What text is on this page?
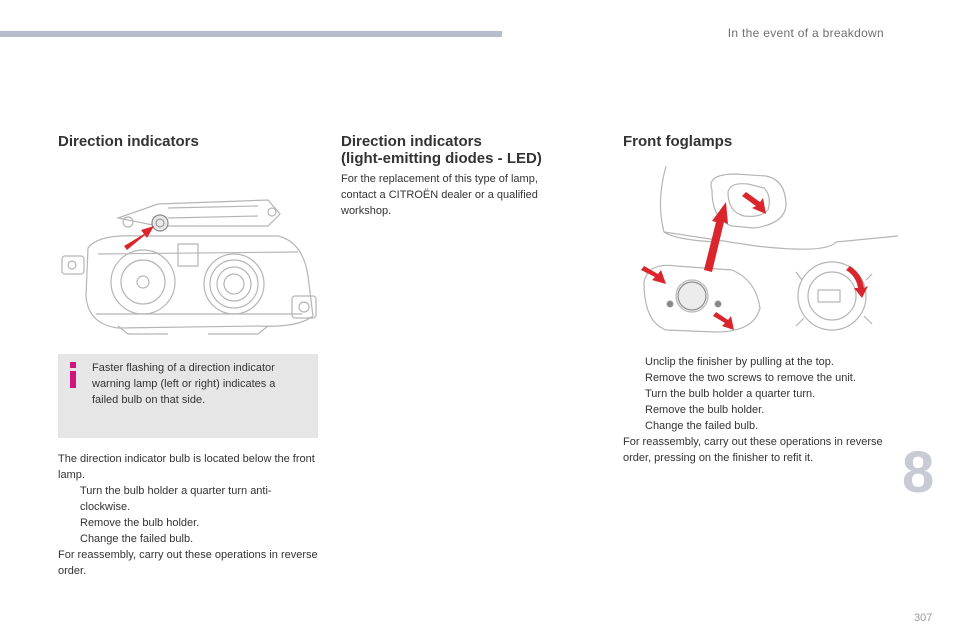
In the event of a breakdown
Direction indicators
Faster flashing of a direction indicator warning lamp (left or right) indicates a failed bulb on that side.

The direction indicator bulb is located below the front lamp.

Turn the bulb holder a quarter turn anti-clockwise.
Remove the bulb holder.
Change the failed bulb.

For reassembly, carry out these operations in reverse order.

Direction indicators
(light-emitting diodes - LED)
For the replacement of this type of lamp, contact a CITROËN dealer or a qualified workshop.
Front foglamps
Unclip the finisher by pulling at the top.
Remove the two screws to remove the unit.
Turn the bulb holder a quarter turn.
Remove the bulb holder.
Change the failed bulb.

For reassembly, carry out these operations in reverse order, pressing on the finisher to refit it.	8
307
